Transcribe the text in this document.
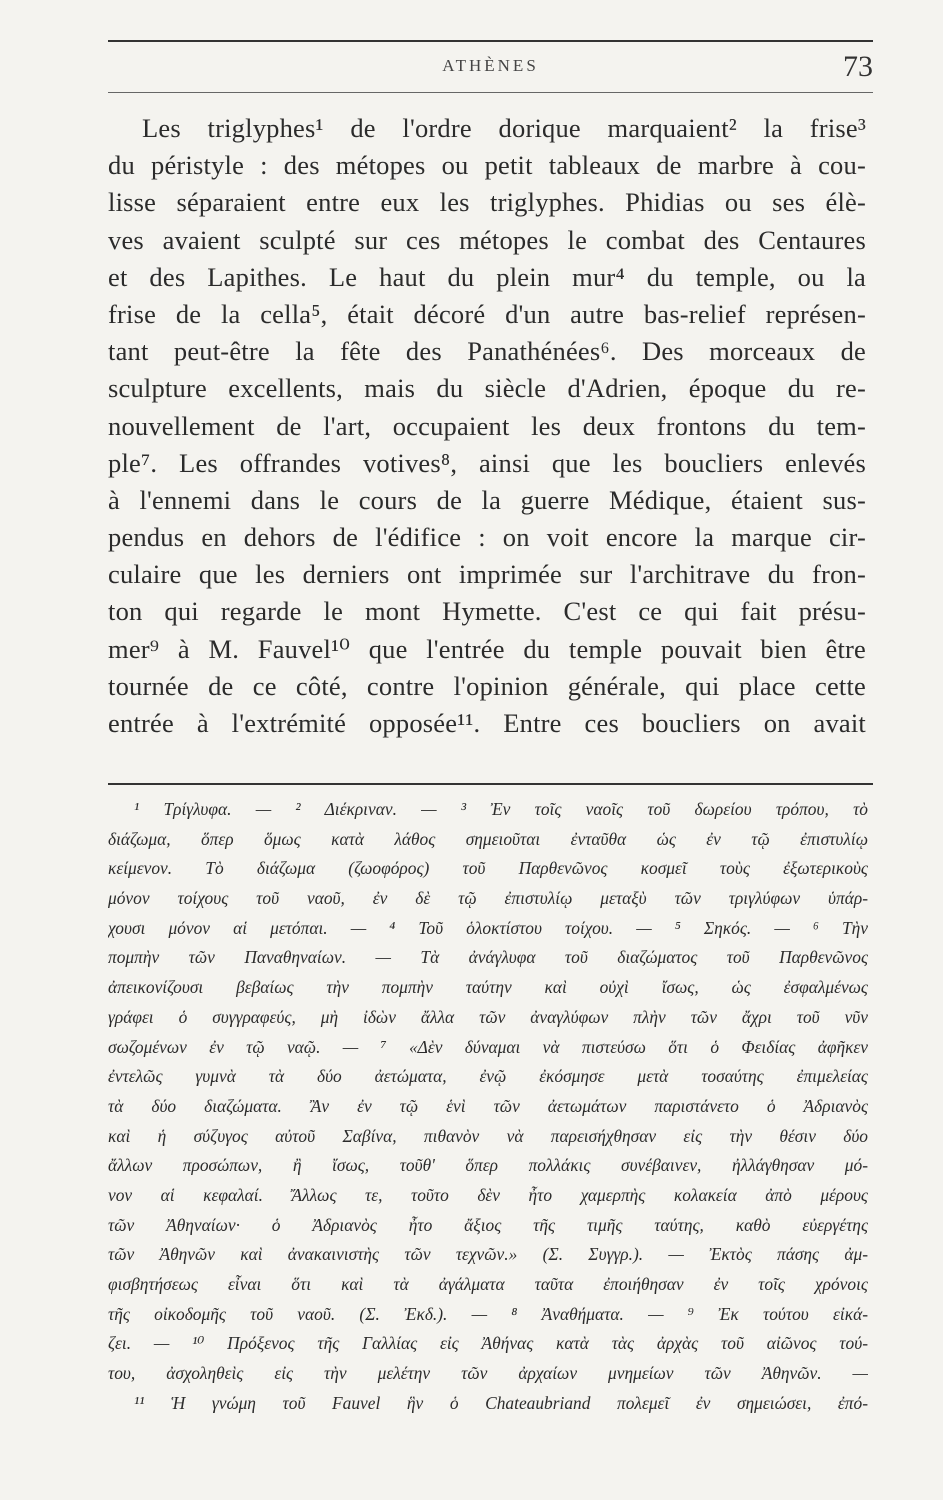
ATHÈNES	73
Les triglyphes¹ de l'ordre dorique marquaient² la frise³
du péristyle : des métopes ou petit tableaux de marbre à cou-
lisse séparaient entre eux les triglyphes. Phidias ou ses élè-
ves avaient sculpté sur ces métopes le combat des Centaures
et des Lapithes. Le haut du plein mur⁴ du temple, ou la
frise de la cella⁵, était décoré d'un autre bas-relief représen-
tant peut-être la fête des Panathénées⁶. Des morceaux de
sculpture excellents, mais du siècle d'Adrien, époque du re-
nouvellement de l'art, occupaient les deux frontons du tem-
ple⁷. Les offrandes votives⁸, ainsi que les boucliers enlevés
à l'ennemi dans le cours de la guerre Médique, étaient sus-
pendus en dehors de l'édifice : on voit encore la marque cir-
culaire que les derniers ont imprimée sur l'architrave du fron-
ton qui regarde le mont Hymette. C'est ce qui fait présu-
mer⁹ à M. Fauvel¹⁰ que l'entrée du temple pouvait bien être
tournée de ce côté, contre l'opinion générale, qui place cette
entrée à l'extrémité opposée¹¹. Entre ces boucliers on avait
¹ Τρίγλυφα. — ² Διέκριναν. — ³ Ἐν τοῖς ναοῖς τοῦ δωρείου τρόπου, τὸ
διάζωμα, ὅπερ ὅμως κατὰ λάθος σημειοῦται ἐνταῦθα ὡς ἐν τῷ ἐπιστυλίῳ
κείμενον. Τὸ διάζωμα (ζωοφόρος) τοῦ Παρθενῶνος κοσμεῖ τοὺς ἐξωτερικοὺς
μόνον τοίχους τοῦ ναοῦ, ἐν δὲ τῷ ἐπιστυλίῳ μεταξὺ τῶν τριγλύφων ὑπάρ-
χουσι μόνον αἱ μετόπαι. — ⁴ Τοῦ ὁλοκτίστου τοίχου. — ⁵ Σηκός. — ⁶ Τὴν
πομπὴν τῶν Παναθηναίων. — Τὰ ἀνάγλυφα τοῦ διαζώματος τοῦ Παρθενῶνος
ἀπεικονίζουσι βεβαίως τὴν πομπὴν ταύτην καὶ οὐχὶ ἴσως, ὡς ἐσφαλμένως
γράφει ὁ συγγραφεύς, μὴ ἰδὼν ἄλλα τῶν ἀναγλύφων πλὴν τῶν ἄχρι τοῦ νῦν
σωζομένων ἐν τῷ ναῷ. — ⁷ «Δὲν δύναμαι νὰ πιστεύσω ὅτι ὁ Φειδίας ἀφῆκεν
ἐντελῶς γυμνὰ τὰ δύο ἀετώματα, ἐνῷ ἐκόσμησε μετὰ τοσαύτης ἐπιμελείας
τὰ δύο διαζώματα. Ἂν ἐν τῷ ἑνὶ τῶν ἀετωμάτων παριστάνετο ὁ Ἀδριανὸς
καὶ ἡ σύζυγος αὐτοῦ Σαβίνα, πιθανὸν νὰ παρεισήχθησαν εἰς τὴν θέσιν δύο
ἄλλων προσώπων, ἢ ἴσως, τοῦθ' ὅπερ πολλάκις συνέβαινεν, ἠλλάγθησαν μό-
νον αἱ κεφαλαί. Ἄλλως τε, τοῦτο δὲν ἦτο χαμερπὴς κολακεία ἀπὸ μέρους
τῶν Ἀθηναίων· ὁ Ἀδριανὸς ἦτο ἄξιος τῆς τιμῆς ταύτης, καθὸ εὐεργέτης
τῶν Ἀθηνῶν καὶ ἀνακαινιστὴς τῶν τεχνῶν.» (Σ. Συγγρ.). — Ἐκτὸς πάσης ἀμ-
φισβητήσεως εἶναι ὅτι καὶ τὰ ἀγάλματα ταῦτα ἐποιήθησαν ἐν τοῖς χρόνοις
τῆς οἰκοδομῆς τοῦ ναοῦ. (Σ. Ἐκδ.). — ⁸ Ἀναθήματα. — ⁹ Ἐκ τούτου εἰκά-
ζει. — ¹⁰ Πρόξενος τῆς Γαλλίας εἰς Ἀθήνας κατὰ τὰς ἀρχὰς τοῦ αἰῶνος τού-
του, ἀσχοληθεὶς εἰς τὴν μελέτην τῶν ἀρχαίων μνημείων τῶν Ἀθηνῶν. —
¹¹ Ἡ γνώμη τοῦ Fauvel ἣν ὁ Chateaubriand πολεμεῖ ἐν σημειώσει, ἐπό-
